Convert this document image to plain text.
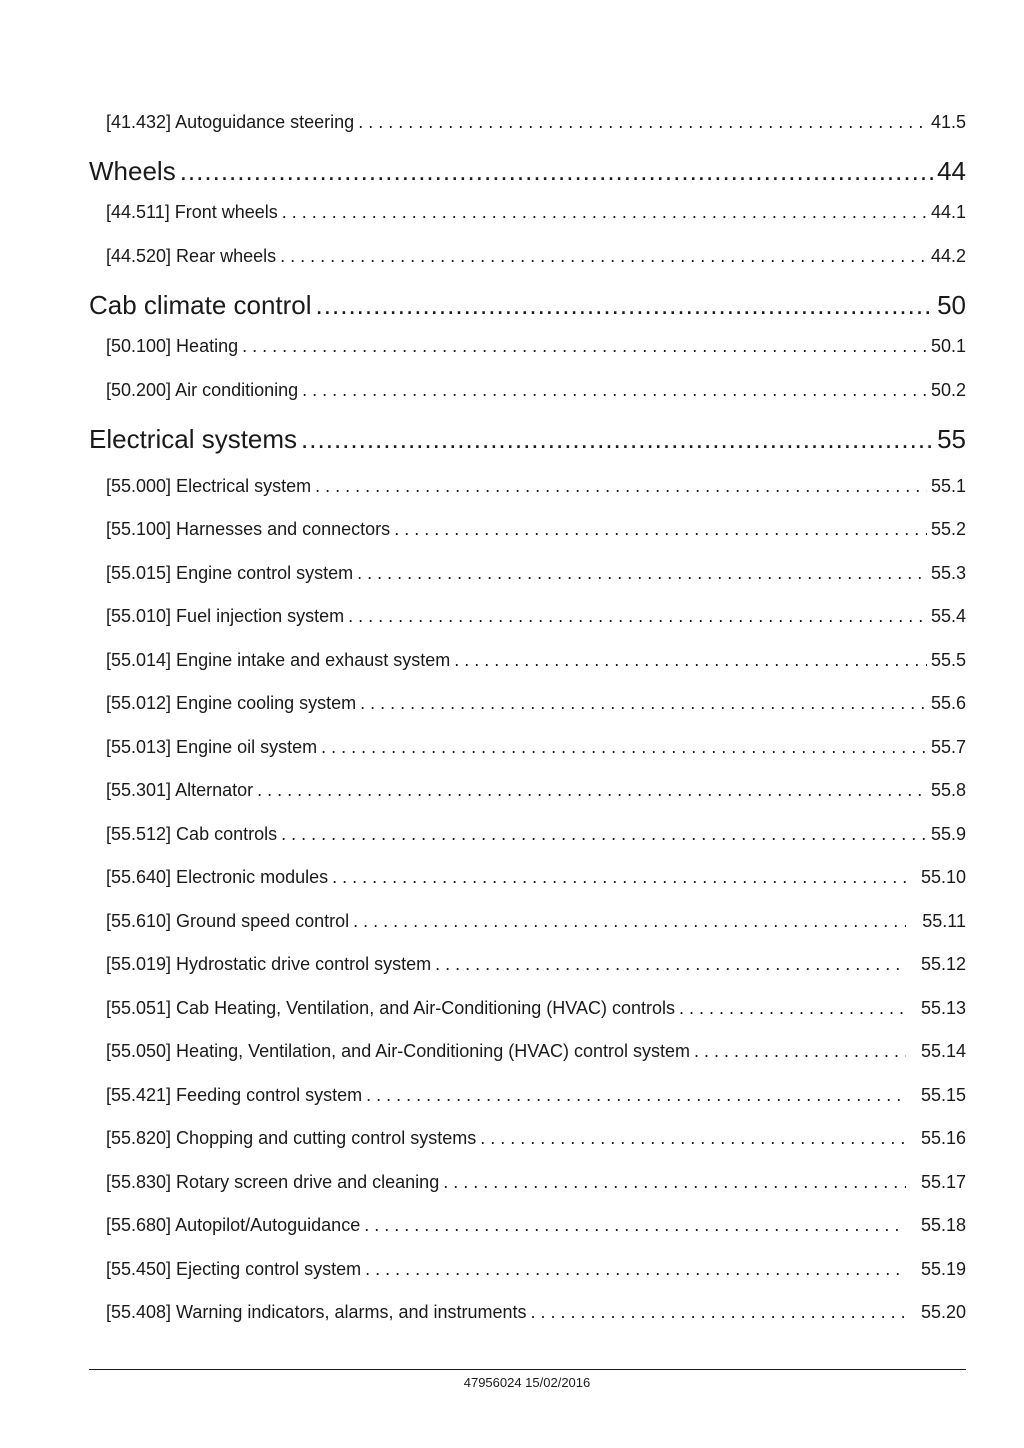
[41.432] Autoguidance steering . . .	41.5
Wheels .....	44
[44.511] Front wheels . . .	44.1
[44.520] Rear wheels . . .	44.2
Cab climate control .....	50
[50.100] Heating . . .	50.1
[50.200] Air conditioning . . .	50.2
Electrical systems .....	55
[55.000] Electrical system . . .	55.1
[55.100] Harnesses and connectors . . .	55.2
[55.015] Engine control system . . .	55.3
[55.010] Fuel injection system . . .	55.4
[55.014] Engine intake and exhaust system . . .	55.5
[55.012] Engine cooling system . . .	55.6
[55.013] Engine oil system . . .	55.7
[55.301] Alternator . . .	55.8
[55.512] Cab controls . . .	55.9
[55.640] Electronic modules . . .	55.10
[55.610] Ground speed control . . .	55.11
[55.019] Hydrostatic drive control system . . .	55.12
[55.051] Cab Heating, Ventilation, and Air-Conditioning (HVAC) controls . . .	55.13
[55.050] Heating, Ventilation, and Air-Conditioning (HVAC) control system . . .	55.14
[55.421] Feeding control system . . .	55.15
[55.820] Chopping and cutting control systems . . .	55.16
[55.830] Rotary screen drive and cleaning . . .	55.17
[55.680] Autopilot/Autoguidance . . .	55.18
[55.450] Ejecting control system . . .	55.19
[55.408] Warning indicators, alarms, and instruments . . .	55.20
47956024 15/02/2016
